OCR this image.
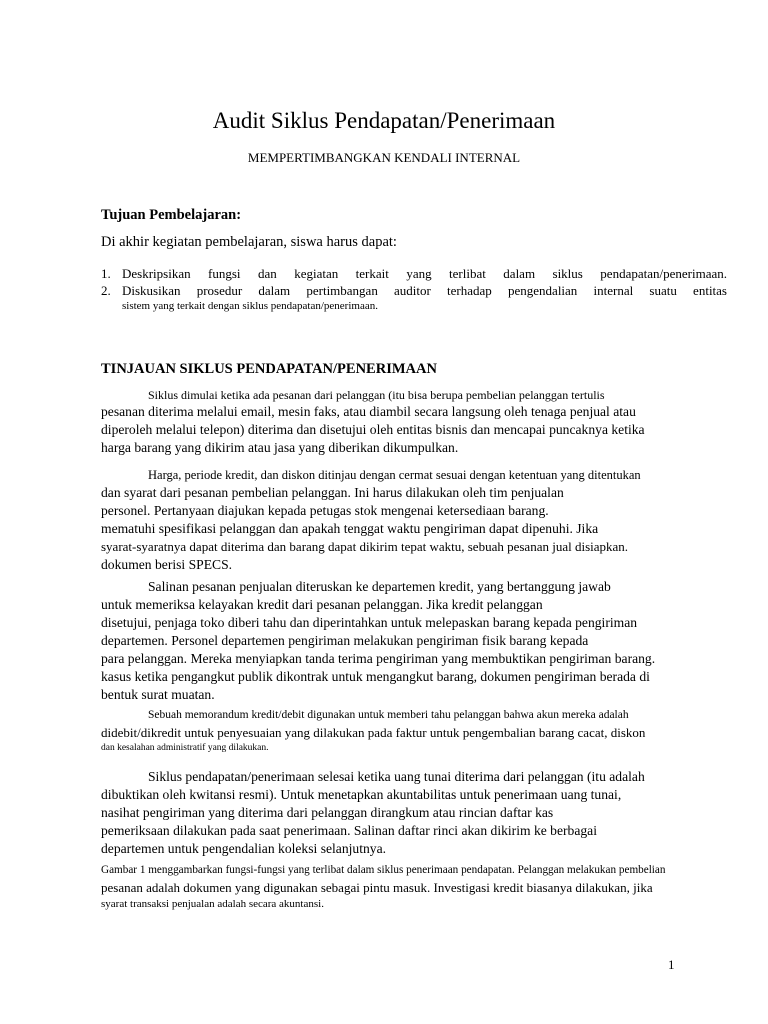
Audit Siklus Pendapatan/Penerimaan
MEMPERTIMBANGKAN KENDALI INTERNAL
Tujuan Pembelajaran:
Di akhir kegiatan pembelajaran, siswa harus dapat:
1. Deskripsikan fungsi dan kegiatan terkait yang terlibat dalam siklus pendapatan/penerimaan.
2. Diskusikan prosedur dalam pertimbangan auditor terhadap pengendalian internal suatu entitas
sistem yang terkait dengan siklus pendapatan/penerimaan.
TINJAUAN SIKLUS PENDAPATAN/PENERIMAAN
Siklus dimulai ketika ada pesanan dari pelanggan (itu bisa berupa pembelian pelanggan tertulis
pesanan diterima melalui email, mesin faks, atau diambil secara langsung oleh tenaga penjual atau
diperoleh melalui telepon) diterima dan disetujui oleh entitas bisnis dan mencapai puncaknya ketika
harga barang yang dikirim atau jasa yang diberikan dikumpulkan.
Harga, periode kredit, dan diskon ditinjau dengan cermat sesuai dengan ketentuan yang ditentukan
dan syarat dari pesanan pembelian pelanggan. Ini harus dilakukan oleh tim penjualan
personel. Pertanyaan diajukan kepada petugas stok mengenai ketersediaan barang.
mematuhi spesifikasi pelanggan dan apakah tenggat waktu pengiriman dapat dipenuhi. Jika
syarat-syaratnya dapat diterima dan barang dapat dikirim tepat waktu, sebuah pesanan jual disiapkan.
dokumen berisi SPECS.
Salinan pesanan penjualan diteruskan ke departemen kredit, yang bertanggung jawab
untuk memeriksa kelayakan kredit dari pesanan pelanggan. Jika kredit pelanggan
disetujui, penjaga toko diberi tahu dan diperintahkan untuk melepaskan barang kepada pengiriman
departemen. Personel departemen pengiriman melakukan pengiriman fisik barang kepada
para pelanggan. Mereka menyiapkan tanda terima pengiriman yang membuktikan pengiriman barang.
kasus ketika pengangkut publik dikontrak untuk mengangkut barang, dokumen pengiriman berada di
bentuk surat muatan.
Sebuah memorandum kredit/debit digunakan untuk memberi tahu pelanggan bahwa akun mereka adalah
didebit/dikredit untuk penyesuaian yang dilakukan pada faktur untuk pengembalian barang cacat, diskon
dan kesalahan administratif yang dilakukan.
Siklus pendapatan/penerimaan selesai ketika uang tunai diterima dari pelanggan (itu adalah
dibuktikan oleh kwitansi resmi). Untuk menetapkan akuntabilitas untuk penerimaan uang tunai,
nasihat pengiriman yang diterima dari pelanggan dirangkum atau rincian daftar kas
pemeriksaan dilakukan pada saat penerimaan. Salinan daftar rinci akan dikirim ke berbagai
departemen untuk pengendalian koleksi selanjutnya.
Gambar 1 menggambarkan fungsi-fungsi yang terlibat dalam siklus penerimaan pendapatan. Pelanggan melakukan pembelian
pesanan adalah dokumen yang digunakan sebagai pintu masuk. Investigasi kredit biasanya dilakukan, jika
syarat transaksi penjualan adalah secara akuntansi.
1
